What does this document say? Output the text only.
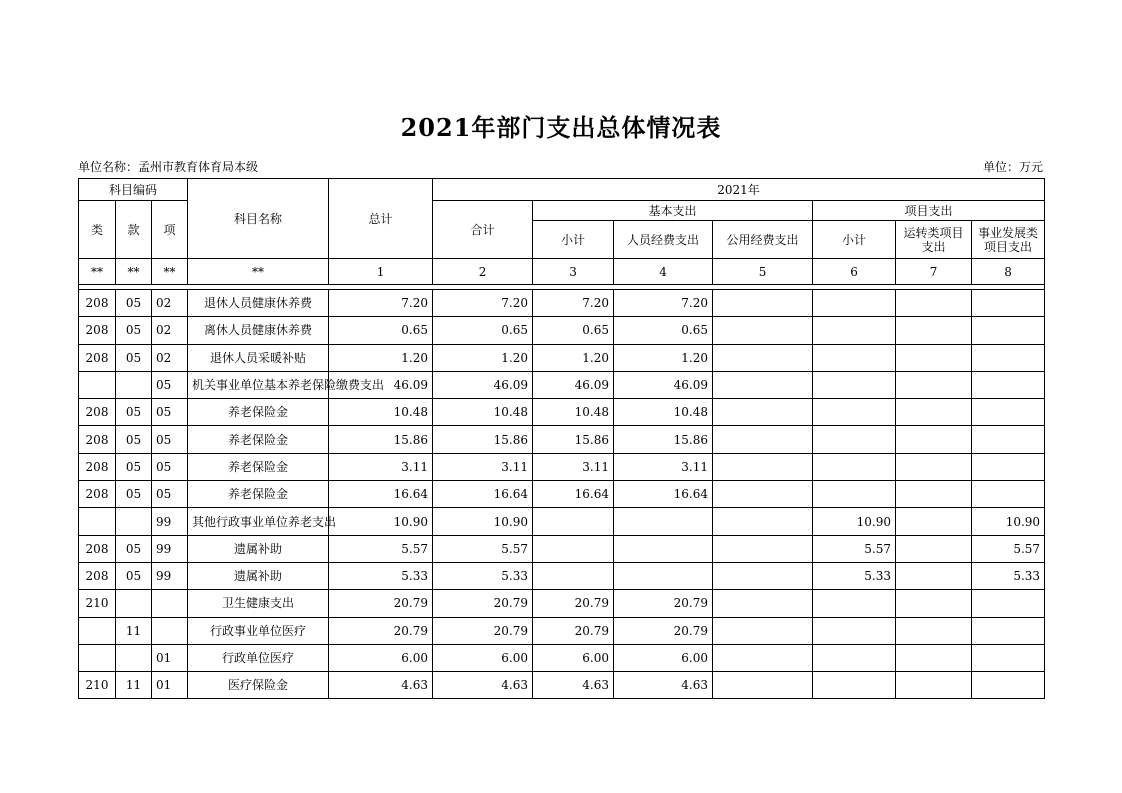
2021年部门支出总体情况表
单位名称：孟州市教育体育局本级	单位：万元
科目编码			科目名称	总计	2021年						
类	款	项			合计	基本支出			项目支出		
						小计	人员经费支出	公用经费支出	小计	运转类项目支出	事业发展类项目支出
**	**	**	**	1	2	3	4	5	6	7	8

208	05	02	退休人员健康休养费	7.20	7.20	7.20	7.20				
208	05	02	离休人员健康休养费	0.65	0.65	0.65	0.65				
208	05	02	退休人员采暖补贴	1.20	1.20	1.20	1.20				
		05	机关事业单位基本养老保险缴费支出	46.09	46.09	46.09	46.09				
208	05	05	养老保险金	10.48	10.48	10.48	10.48				
208	05	05	养老保险金	15.86	15.86	15.86	15.86				
208	05	05	养老保险金	3.11	3.11	3.11	3.11				
208	05	05	养老保险金	16.64	16.64	16.64	16.64				
		99	其他行政事业单位养老支出	10.90	10.90				10.90		10.90
208	05	99	遗属补助	5.57	5.57				5.57		5.57
208	05	99	遗属补助	5.33	5.33				5.33		5.33
210			卫生健康支出	20.79	20.79	20.79	20.79				
	11		行政事业单位医疗	20.79	20.79	20.79	20.79				
		01	行政单位医疗	6.00	6.00	6.00	6.00				
210	11	01	医疗保险金	4.63	4.63	4.63	4.63				
